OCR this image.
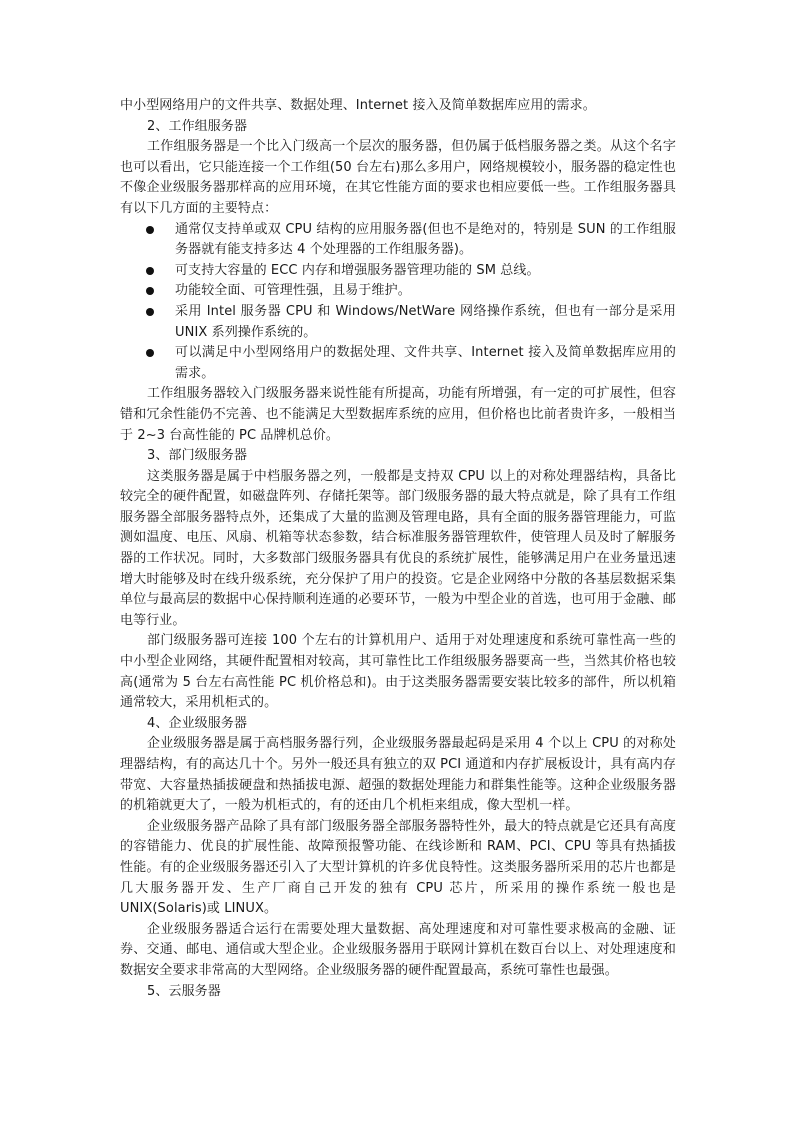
中小型网络用户的文件共享、数据处理、Internet 接入及简单数据库应用的需求。

2、工作组服务器

工作组服务器是一个比入门级高一个层次的服务器，但仍属于低档服务器之类。从这个名字也可以看出，它只能连接一个工作组(50 台左右)那么多用户，网络规模较小，服务器的稳定性也不像企业级服务器那样高的应用环境，在其它性能方面的要求也相应要低一些。工作组服务器具有以下几方面的主要特点：

通常仅支持单或双 CPU 结构的应用服务器(但也不是绝对的，特别是 SUN 的工作组服务器就有能支持多达 4 个处理器的工作组服务器)。
可支持大容量的 ECC 内存和增强服务器管理功能的 SM 总线。
功能较全面、可管理性强，且易于维护。
采用 Intel 服务器 CPU 和 Windows/NetWare 网络操作系统，但也有一部分是采用 UNIX 系列操作系统的。
可以满足中小型网络用户的数据处理、文件共享、Internet 接入及简单数据库应用的需求。

工作组服务器较入门级服务器来说性能有所提高，功能有所增强，有一定的可扩展性，但容错和冗余性能仍不完善、也不能满足大型数据库系统的应用，但价格也比前者贵许多，一般相当于 2~3 台高性能的 PC 品牌机总价。

3、部门级服务器

这类服务器是属于中档服务器之列，一般都是支持双 CPU 以上的对称处理器结构，具备比较完全的硬件配置，如磁盘阵列、存储托架等。部门级服务器的最大特点就是，除了具有工作组服务器全部服务器特点外，还集成了大量的监测及管理电路，具有全面的服务器管理能力，可监测如温度、电压、风扇、机箱等状态参数，结合标准服务器管理软件，使管理人员及时了解服务器的工作状况。同时，大多数部门级服务器具有优良的系统扩展性，能够满足用户在业务量迅速增大时能够及时在线升级系统，充分保护了用户的投资。它是企业网络中分散的各基层数据采集单位与最高层的数据中心保持顺利连通的必要环节，一般为中型企业的首选，也可用于金融、邮电等行业。

部门级服务器可连接 100 个左右的计算机用户、适用于对处理速度和系统可靠性高一些的中小型企业网络，其硬件配置相对较高，其可靠性比工作组级服务器要高一些，当然其价格也较高(通常为 5 台左右高性能 PC 机价格总和)。由于这类服务器需要安装比较多的部件，所以机箱通常较大，采用机柜式的。

4、企业级服务器

企业级服务器是属于高档服务器行列，企业级服务器最起码是采用 4 个以上 CPU 的对称处理器结构，有的高达几十个。另外一般还具有独立的双 PCI 通道和内存扩展板设计，具有高内存带宽、大容量热插拔硬盘和热插拔电源、超强的数据处理能力和群集性能等。这种企业级服务器的机箱就更大了，一般为机柜式的，有的还由几个机柜来组成，像大型机一样。

企业级服务器产品除了具有部门级服务器全部服务器特性外，最大的特点就是它还具有高度的容错能力、优良的扩展性能、故障预报警功能、在线诊断和 RAM、PCI、CPU 等具有热插拔性能。有的企业级服务器还引入了大型计算机的许多优良特性。这类服务器所采用的芯片也都是几大服务器开发、生产厂商自己开发的独有 CPU 芯片，所采用的操作系统一般也是 UNIX(Solaris)或 LINUX。

企业级服务器适合运行在需要处理大量数据、高处理速度和对可靠性要求极高的金融、证券、交通、邮电、通信或大型企业。企业级服务器用于联网计算机在数百台以上、对处理速度和数据安全要求非常高的大型网络。企业级服务器的硬件配置最高，系统可靠性也最强。

5、云服务器
